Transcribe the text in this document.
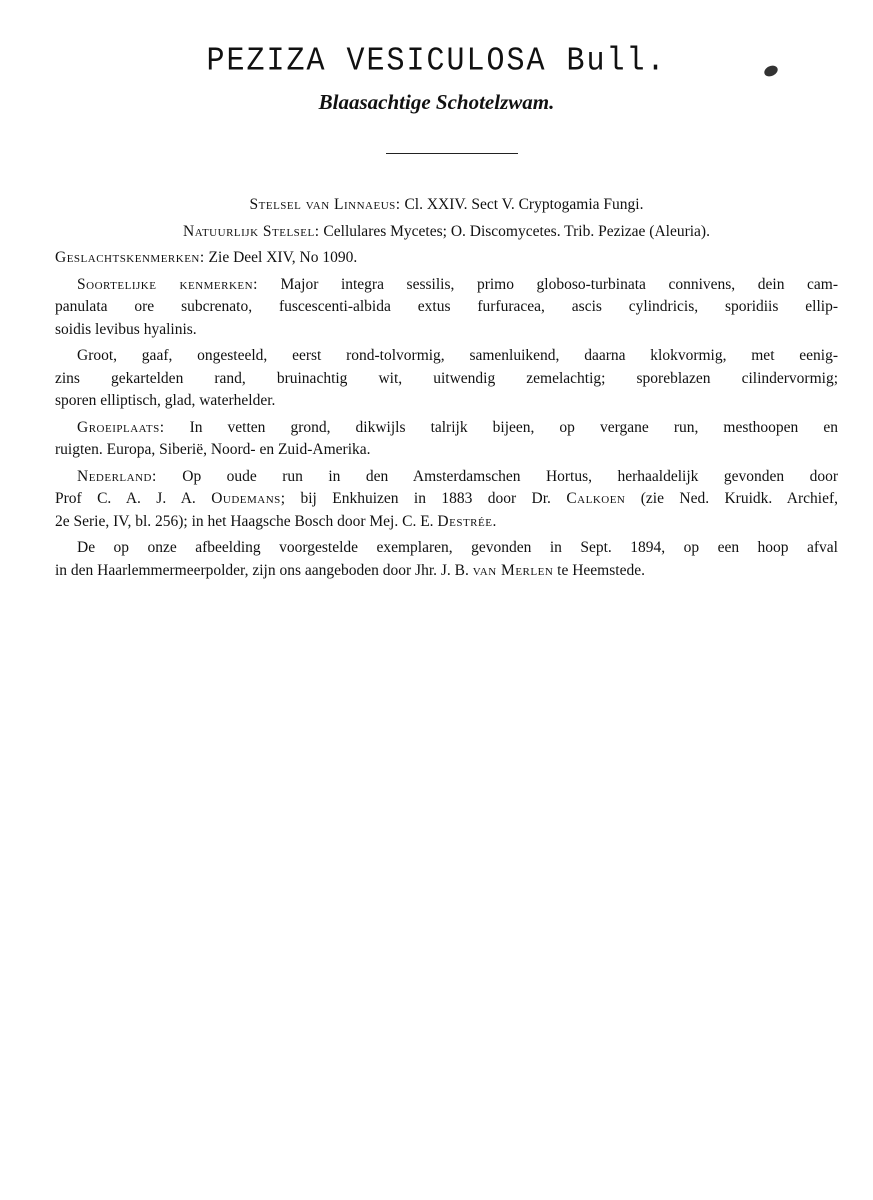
PEZIZA VESICULOSA Bull.
Blaasachtige Schotelzwam.
Stelsel van Linnaeus: Cl. XXIV. Sect V. Cryptogamia Fungi.
Natuurlijk Stelsel: Cellulares Mycetes; O. Discomycetes. Trib. Pezizae (Aleuria).
Geslachtskenmerken: Zie Deel XIV, No 1090.
Soortelijke kenmerken: Major integra sessilis, primo globoso-turbinata connivens, dein cam-
panulata ore subcrenato, fuscescenti-albida extus furfuracea, ascis cylindricis, sporidiis ellip-
soidis levibus hyalinis.
Groot, gaaf, ongesteeld, eerst rond-tolvormig, samenluikend, daarna klokvormig, met eenig-
zins gekartelden rand, bruinachtig wit, uitwendig zemelachtig; sporeblazen cilindervormig;
sporen elliptisch, glad, waterhelder.
Groeiplaats: In vetten grond, dikwijls talrijk bijeen, op vergane run, mesthoopen en
ruigten. Europa, Siberië, Noord- en Zuid-Amerika.
Nederland: Op oude run in den Amsterdamschen Hortus, herhaaldelijk gevonden door
Prof C. A. J. A. Oudemans; bij Enkhuizen in 1883 door Dr. Calkoen (zie Ned. Kruidk. Archief,
2e Serie, IV, bl. 256); in het Haagsche Bosch door Mej. C. E. Destrée.
De op onze afbeelding voorgestelde exemplaren, gevonden in Sept. 1894, op een hoop afval
in den Haarlemmermeerpolder, zijn ons aangeboden door Jhr. J. B. van Merlen te Heemstede.
